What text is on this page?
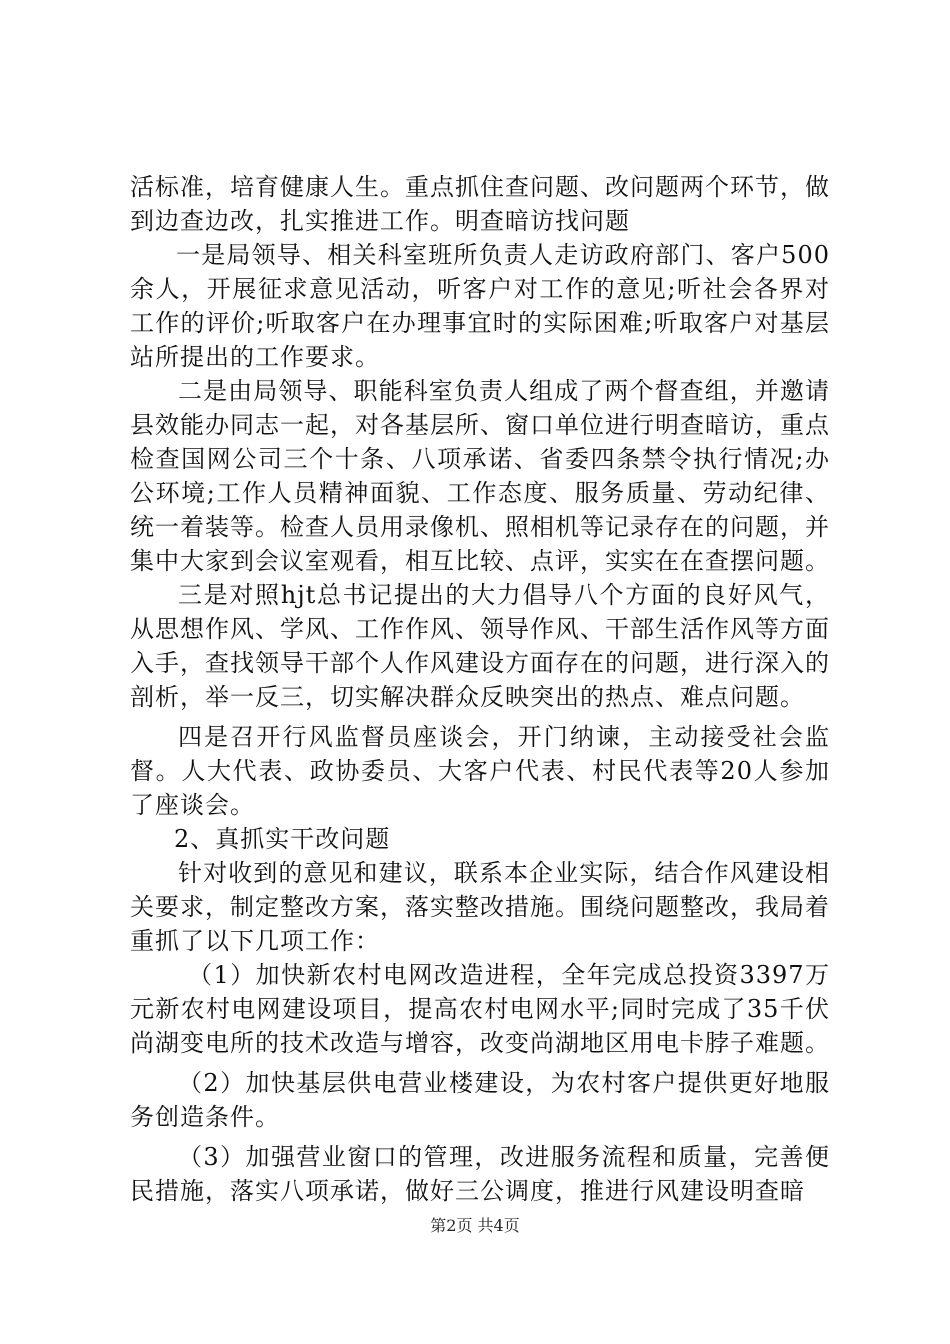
活标准，培育健康人生。重点抓住查问题、改问题两个环节，做到边查边改，扎实推进工作。明查暗访找问题

一是局领导、相关科室班所负责人走访政府部门、客户500余人，开展征求意见活动，听客户对工作的意见;听社会各界对工作的评价;听取客户在办理事宜时的实际困难;听取客户对基层站所提出的工作要求。

二是由局领导、职能科室负责人组成了两个督查组，并邀请县效能办同志一起，对各基层所、窗口单位进行明查暗访，重点检查国网公司三个十条、八项承诺、省委四条禁令执行情况;办公环境;工作人员精神面貌、工作态度、服务质量、劳动纪律、统一着装等。检查人员用录像机、照相机等记录存在的问题，并集中大家到会议室观看，相互比较、点评，实实在在查摆问题。

三是对照hjt总书记提出的大力倡导八个方面的良好风气，从思想作风、学风、工作作风、领导作风、干部生活作风等方面入手，查找领导干部个人作风建设方面存在的问题，进行深入的剖析，举一反三，切实解决群众反映突出的热点、难点问题。

四是召开行风监督员座谈会，开门纳谏，主动接受社会监督。人大代表、政协委员、大客户代表、村民代表等20人参加了座谈会。

2、真抓实干改问题

针对收到的意见和建议，联系本企业实际，结合作风建设相关要求，制定整改方案，落实整改措施。围绕问题整改，我局着重抓了以下几项工作：

（1）加快新农村电网改造进程，全年完成总投资3397万元新农村电网建设项目，提高农村电网水平;同时完成了35千伏尚湖变电所的技术改造与增容，改变尚湖地区用电卡脖子难题。

（2）加快基层供电营业楼建设，为农村客户提供更好地服务创造条件。

（3）加强营业窗口的管理，改进服务流程和质量，完善便民措施，落实八项承诺，做好三公调度，推进行风建设明查暗

第2页 共4页
